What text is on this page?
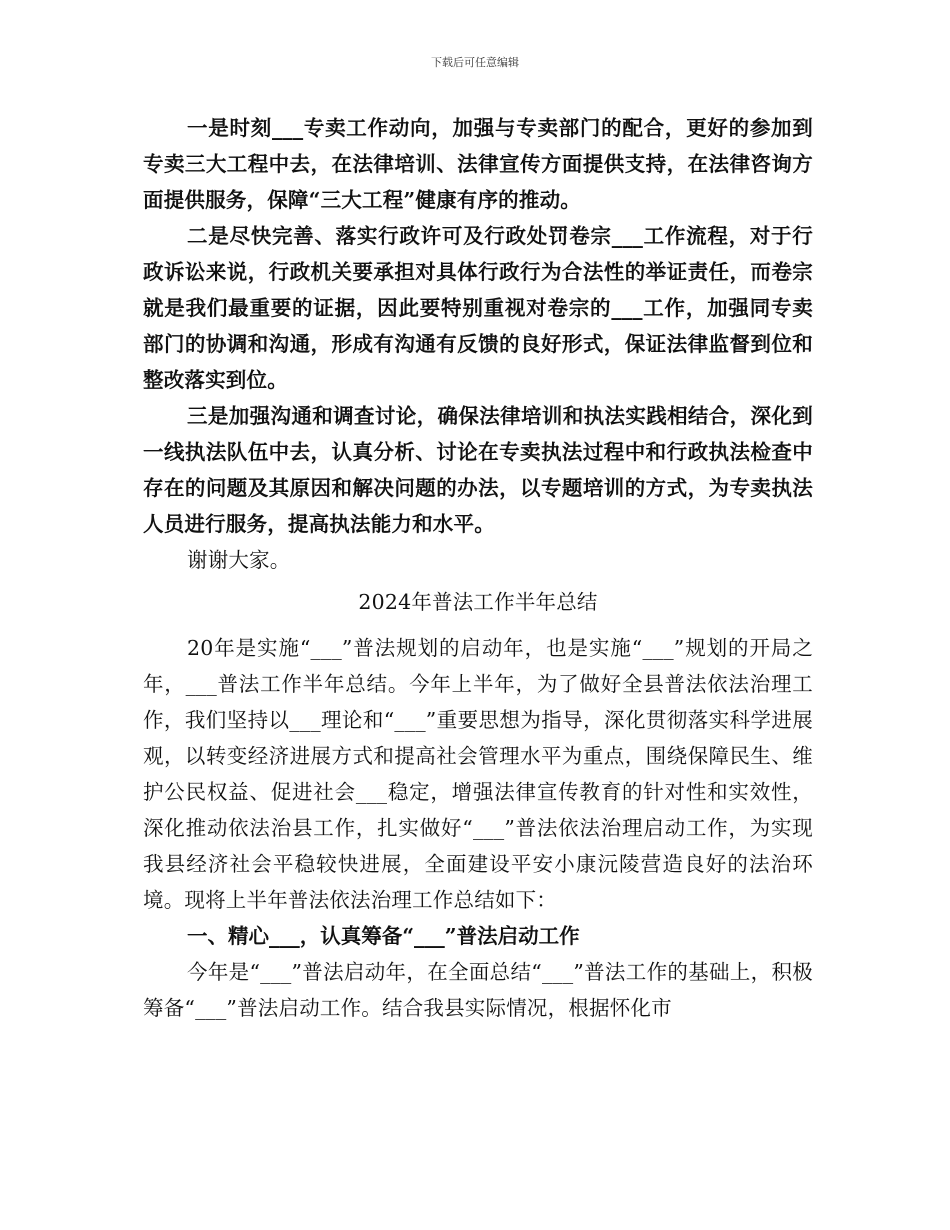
下载后可任意编辑

一是时刻___专卖工作动向，加强与专卖部门的配合，更好的参加到专卖三大工程中去，在法律培训、法律宣传方面提供支持，在法律咨询方面提供服务，保障“三大工程”健康有序的推动。

二是尽快完善、落实行政许可及行政处罚卷宗___工作流程，对于行政诉讼来说，行政机关要承担对具体行政行为合法性的举证责任，而卷宗就是我们最重要的证据，因此要特别重视对卷宗的___工作，加强同专卖部门的协调和沟通，形成有沟通有反馈的良好形式，保证法律监督到位和整改落实到位。

三是加强沟通和调查讨论，确保法律培训和执法实践相结合，深化到一线执法队伍中去，认真分析、讨论在专卖执法过程中和行政执法检查中存在的问题及其原因和解决问题的办法，以专题培训的方式，为专卖执法人员进行服务，提高执法能力和水平。

谢谢大家。

2024年普法工作半年总结

20年是实施“___”普法规划的启动年，也是实施“___”规划的开局之年，___普法工作半年总结。今年上半年，为了做好全县普法依法治理工作，我们坚持以___理论和“___”重要思想为指导，深化贯彻落实科学进展观，以转变经济进展方式和提高社会管理水平为重点，围绕保障民生、维护公民权益、促进社会___稳定，增强法律宣传教育的针对性和实效性，深化推动依法治县工作，扎实做好“___”普法依法治理启动工作，为实现我县经济社会平稳较快进展，全面建设平安小康沅陵营造良好的法治环境。现将上半年普法依法治理工作总结如下：

一、精心___，认真筹备“___”普法启动工作

今年是“___”普法启动年，在全面总结“___”普法工作的基础上，积极筹备“___”普法启动工作。结合我县实际情况，根据怀化市
